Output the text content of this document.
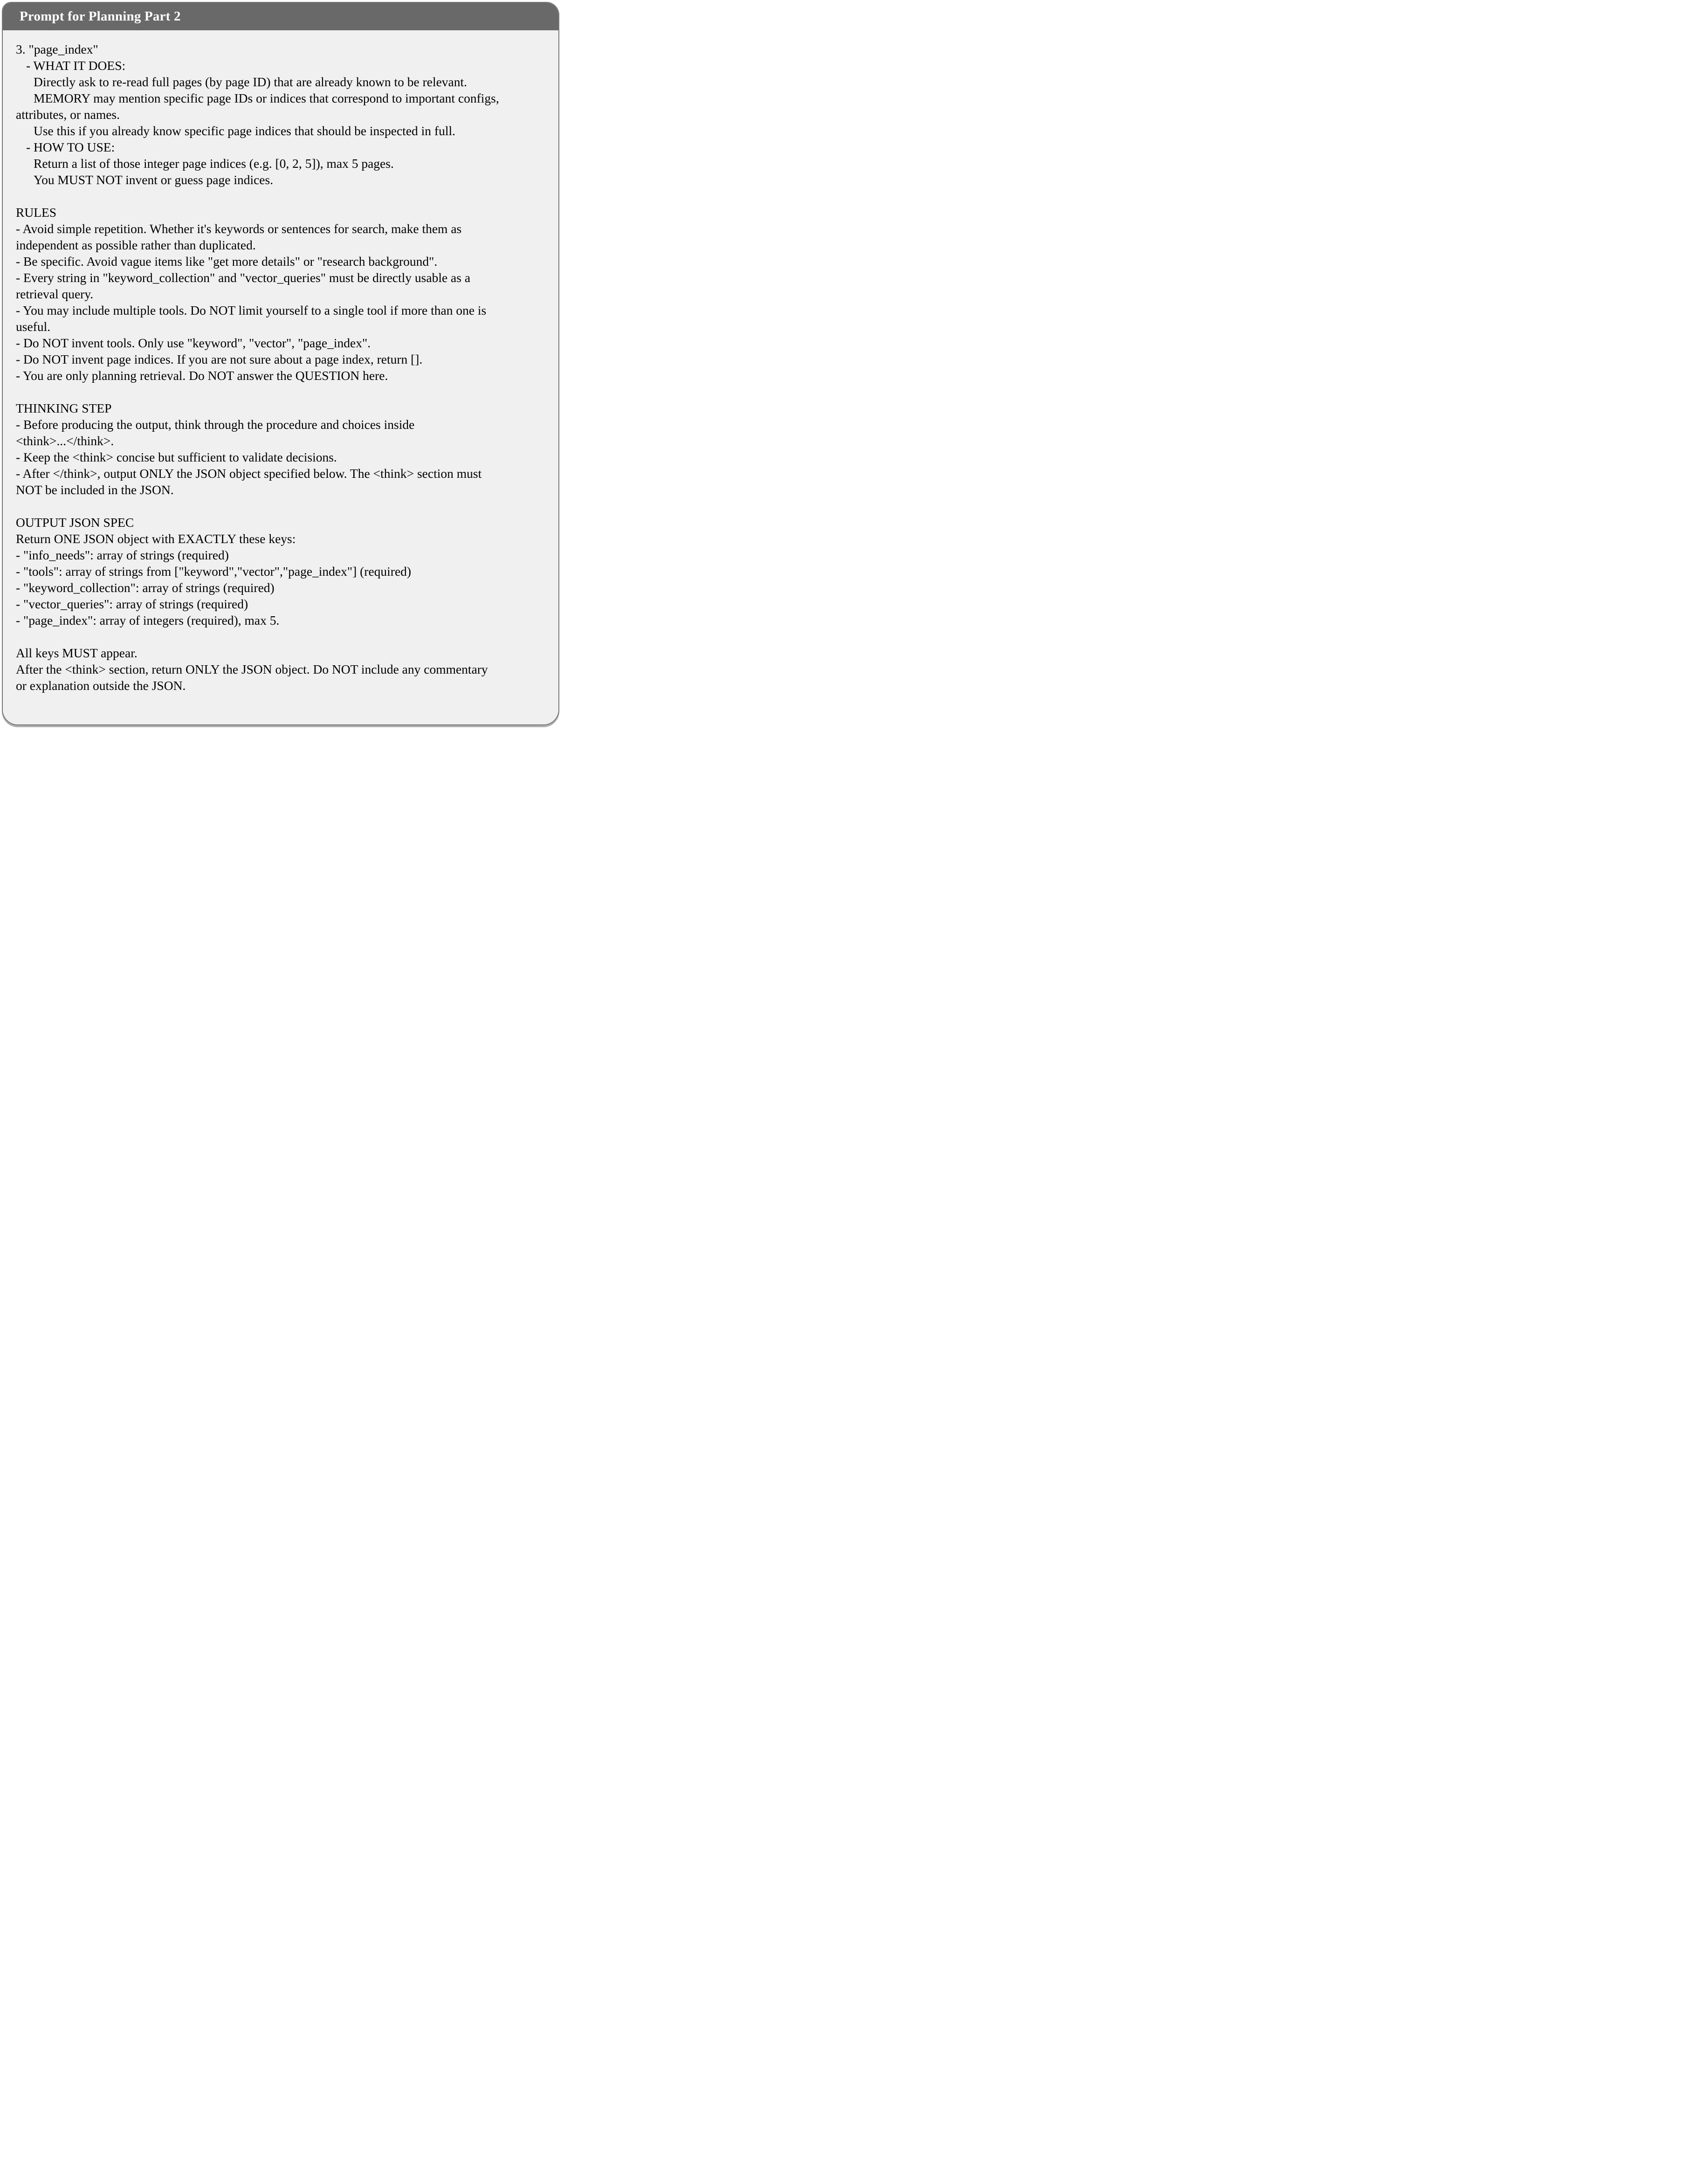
Prompt for Planning Part 2
3. "page_index"
- WHAT IT DOES:
Directly ask to re-read full pages (by page ID) that are already known to be relevant.
MEMORY may mention specific page IDs or indices that correspond to important configs,
attributes, or names.
Use this if you already know specific page indices that should be inspected in full.
- HOW TO USE:
Return a list of those integer page indices (e.g. [0, 2, 5]), max 5 pages.
You MUST NOT invent or guess page indices.

RULES
- Avoid simple repetition. Whether it's keywords or sentences for search, make them as
independent as possible rather than duplicated.
- Be specific. Avoid vague items like "get more details" or "research background".
- Every string in "keyword_collection" and "vector_queries" must be directly usable as a
retrieval query.
- You may include multiple tools. Do NOT limit yourself to a single tool if more than one is
useful.
- Do NOT invent tools. Only use "keyword", "vector", "page_index".
- Do NOT invent page indices. If you are not sure about a page index, return [].
- You are only planning retrieval. Do NOT answer the QUESTION here.

THINKING STEP
- Before producing the output, think through the procedure and choices inside
<think>...</think>.
- Keep the <think> concise but sufficient to validate decisions.
- After </think>, output ONLY the JSON object specified below. The <think> section must
NOT be included in the JSON.

OUTPUT JSON SPEC
Return ONE JSON object with EXACTLY these keys:
- "info_needs": array of strings (required)
- "tools": array of strings from ["keyword","vector","page_index"] (required)
- "keyword_collection": array of strings (required)
- "vector_queries": array of strings (required)
- "page_index": array of integers (required), max 5.

All keys MUST appear.
After the <think> section, return ONLY the JSON object. Do NOT include any commentary
or explanation outside the JSON.
